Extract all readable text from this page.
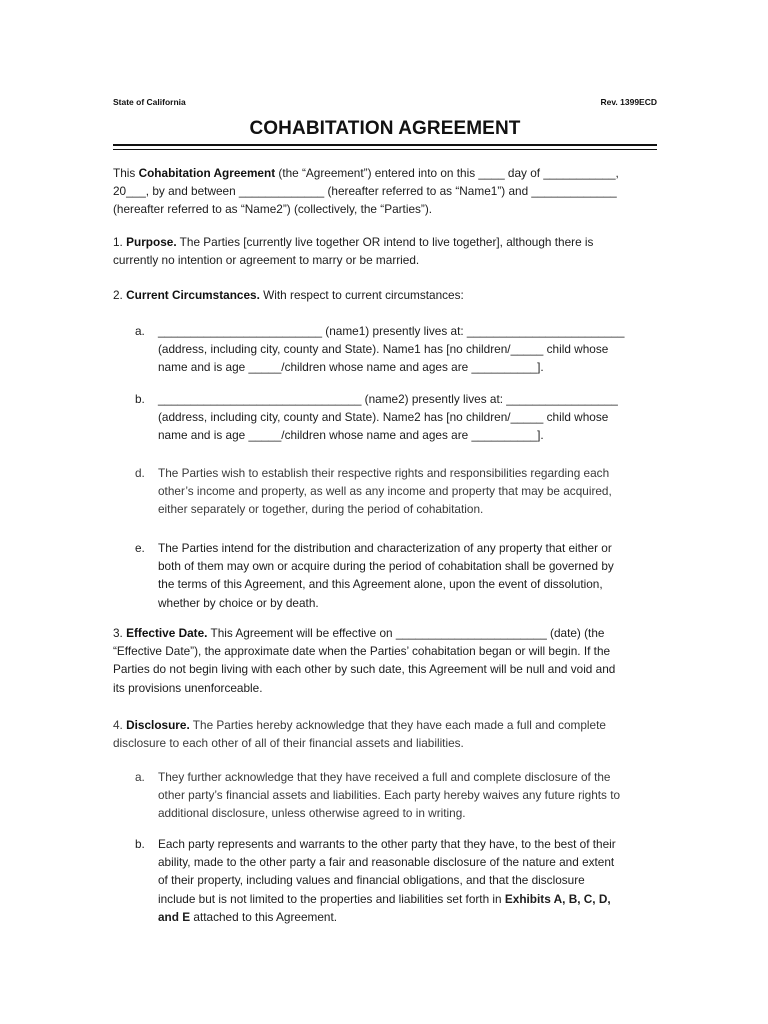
State of California	Rev. 1399ECD
COHABITATION AGREEMENT
This Cohabitation Agreement (the “Agreement”) entered into on this ____ day of ___________,
20___, by and between _____________ (hereafter referred to as “Name1”) and _____________
(hereafter referred to as “Name2”) (collectively, the “Parties”).
1. Purpose. The Parties [currently live together OR intend to live together], although there is
currently no intention or agreement to marry or be married.
2. Current Circumstances. With respect to current circumstances:
a.	_________________________ (name1) presently lives at: ________________________
(address, including city, county and State). Name1 has [no children/_____ child whose
name and is age _____/children whose name and ages are __________].
b.	_______________________________ (name2) presently lives at: _________________
(address, including city, county and State). Name2 has [no children/_____ child whose
name and is age _____/children whose name and ages are __________].
d.	The Parties wish to establish their respective rights and responsibilities regarding each
other’s income and property, as well as any income and property that may be acquired,
either separately or together, during the period of cohabitation.
e.	The Parties intend for the distribution and characterization of any property that either or
both of them may own or acquire during the period of cohabitation shall be governed by
the terms of this Agreement, and this Agreement alone, upon the event of dissolution,
whether by choice or by death.
3. Effective Date. This Agreement will be effective on _______________________ (date) (the
“Effective Date”), the approximate date when the Parties’ cohabitation began or will begin. If the
Parties do not begin living with each other by such date, this Agreement will be null and void and
its provisions unenforceable.
4. Disclosure. The Parties hereby acknowledge that they have each made a full and complete
disclosure to each other of all of their financial assets and liabilities.
a.	They further acknowledge that they have received a full and complete disclosure of the
other party’s financial assets and liabilities. Each party hereby waives any future rights to
additional disclosure, unless otherwise agreed to in writing.
b.	Each party represents and warrants to the other party that they have, to the best of their
ability, made to the other party a fair and reasonable disclosure of the nature and extent
of their property, including values and financial obligations, and that the disclosure
include but is not limited to the properties and liabilities set forth in Exhibits A, B, C, D,
and E attached to this Agreement.
